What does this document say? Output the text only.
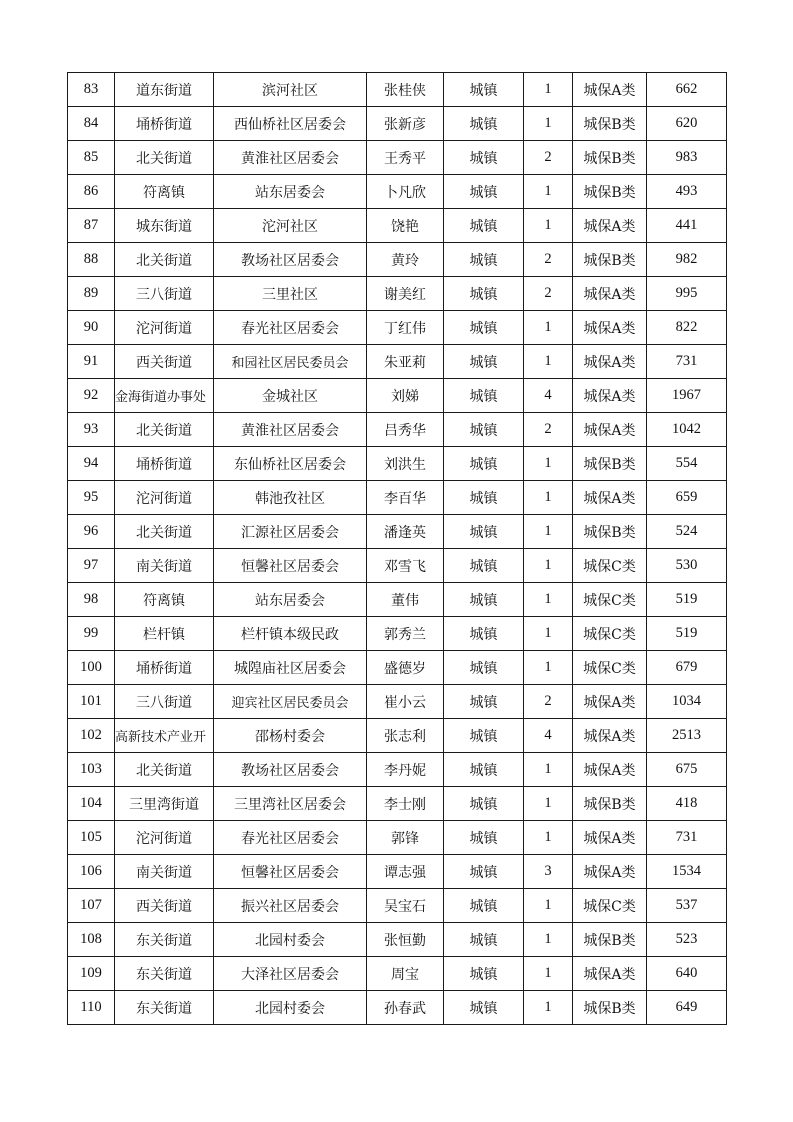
83	道东街道	滨河社区	张桂侠	城镇	1	城保A类	662
84	埇桥街道	西仙桥社区居委会	张新彦	城镇	1	城保B类	620
85	北关街道	黄淮社区居委会	王秀平	城镇	2	城保B类	983
86	符离镇	站东居委会	卜凡欣	城镇	1	城保B类	493
87	城东街道	沱河社区	饶艳	城镇	1	城保A类	441
88	北关街道	教场社区居委会	黄玲	城镇	2	城保B类	982
89	三八街道	三里社区	谢美红	城镇	2	城保A类	995
90	沱河街道	春光社区居委会	丁红伟	城镇	1	城保A类	822
91	西关街道	和园社区居民委员会	朱亚莉	城镇	1	城保A类	731
92	金海街道办事处	金城社区	刘娣	城镇	4	城保A类	1967
93	北关街道	黄淮社区居委会	吕秀华	城镇	2	城保A类	1042
94	埇桥街道	东仙桥社区居委会	刘洪生	城镇	1	城保B类	554
95	沱河街道	韩池孜社区	李百华	城镇	1	城保A类	659
96	北关街道	汇源社区居委会	潘逢英	城镇	1	城保B类	524
97	南关街道	恒馨社区居委会	邓雪飞	城镇	1	城保C类	530
98	符离镇	站东居委会	董伟	城镇	1	城保C类	519
99	栏杆镇	栏杆镇本级民政	郭秀兰	城镇	1	城保C类	519
100	埇桥街道	城隍庙社区居委会	盛德岁	城镇	1	城保C类	679
101	三八街道	迎宾社区居民委员会	崔小云	城镇	2	城保A类	1034
102	高新技术产业开	邵杨村委会	张志利	城镇	4	城保A类	2513
103	北关街道	教场社区居委会	李丹妮	城镇	1	城保A类	675
104	三里湾街道	三里湾社区居委会	李士刚	城镇	1	城保B类	418
105	沱河街道	春光社区居委会	郭锋	城镇	1	城保A类	731
106	南关街道	恒馨社区居委会	谭志强	城镇	3	城保A类	1534
107	西关街道	振兴社区居委会	吴宝石	城镇	1	城保C类	537
108	东关街道	北园村委会	张恒勤	城镇	1	城保B类	523
109	东关街道	大泽社区居委会	周宝	城镇	1	城保A类	640
110	东关街道	北园村委会	孙春武	城镇	1	城保B类	649
